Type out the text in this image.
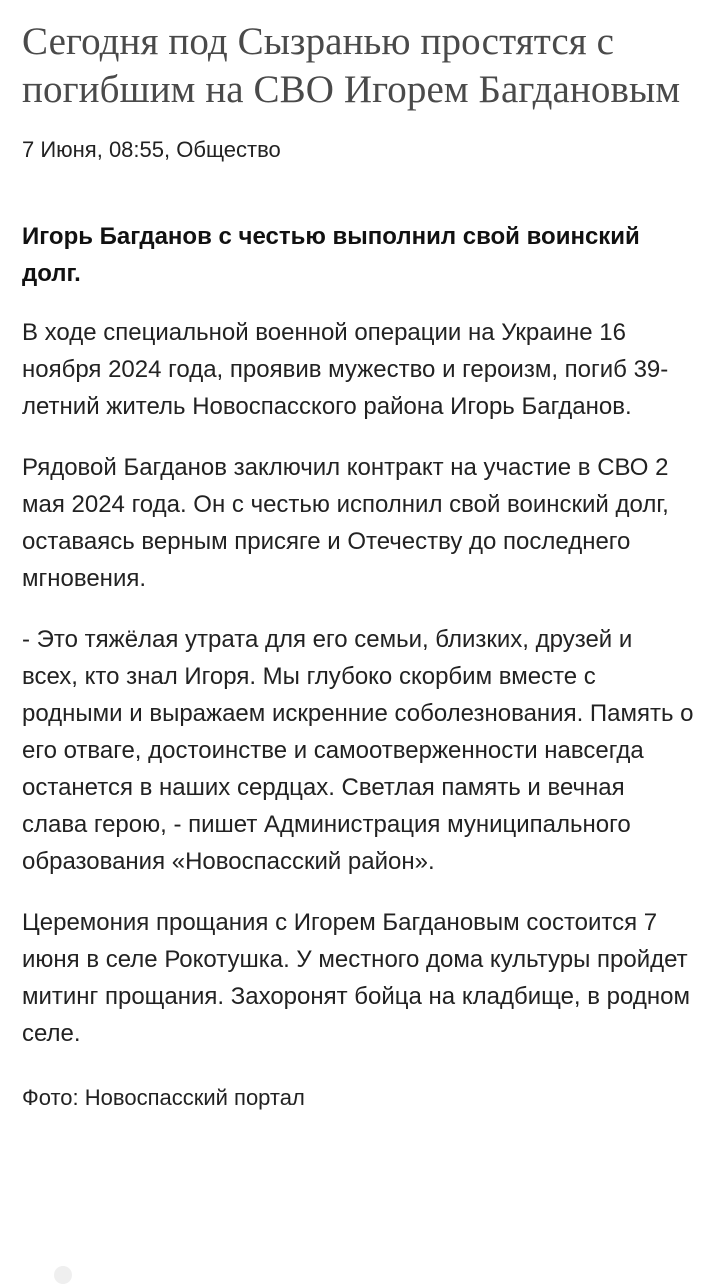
Сегодня под Сызранью простятся с погибшим на СВО Игорем Багдановым
7 Июня, 08:55, Общество

Игорь Багданов с честью выполнил свой воинский долг.

В ходе специальной военной операции на Украине 16 ноября 2024 года, проявив мужество и героизм, погиб 39-летний житель Новоспасского района Игорь Багданов.

Рядовой Багданов заключил контракт на участие в СВО 2 мая 2024 года. Он с честью исполнил свой воинский долг, оставаясь верным присяге и Отечеству до последнего мгновения.

- Это тяжёлая утрата для его семьи, близких, друзей и всех, кто знал Игоря. Мы глубоко скорбим вместе с родными и выражаем искренние соболезнования. Память о его отваге, достоинстве и самоотверженности навсегда останется в наших сердцах. Светлая память и вечная слава герою, - пишет Администрация муниципального образования «Новоспасский район».

Церемония прощания с Игорем Багдановым состоится 7 июня в селе Рокотушка. У местного дома культуры пройдет митинг прощания. Захоронят бойца на кладбище, в родном селе.

Фото: Новоспасский портал
